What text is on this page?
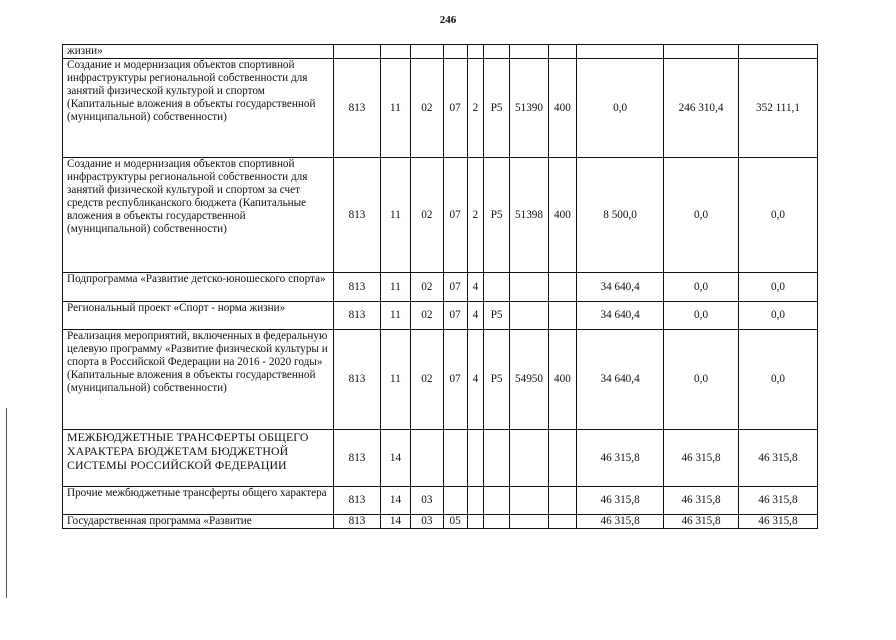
246
жизни»											
Создание и модернизация объектов спортивной инфраструктуры региональной собственности для занятий физической культурой и спортом (Капитальные вложения в объекты государственной (муниципальной) собственности)	813	11	02	07	2	P5	51390	400	0,0	246 310,4	352 111,1
Создание и модернизация объектов спортивной инфраструктуры региональной собственности для занятий физической культурой и спортом за счет средств республиканского бюджета (Капитальные вложения в объекты государственной (муниципальной) собственности)	813	11	02	07	2	P5	51398	400	8 500,0	0,0	0,0
Подпрограмма «Развитие детско-юношеского спорта»	813	11	02	07	4				34 640,4	0,0	0,0
Региональный проект «Спорт - норма жизни»	813	11	02	07	4	P5			34 640,4	0,0	0,0
Реализация мероприятий, включенных в федеральную целевую программу «Развитие физической культуры и спорта в Российской Федерации на 2016 - 2020 годы» (Капитальные вложения в объекты государственной (муниципальной) собственности)	813	11	02	07	4	P5	54950	400	34 640,4	0,0	0,0
МЕЖБЮДЖЕТНЫЕ ТРАНСФЕРТЫ ОБЩЕГО ХАРАКТЕРА БЮДЖЕТАМ БЮДЖЕТНОЙ СИСТЕМЫ РОССИЙСКОЙ ФЕДЕРАЦИИ	813	14							46 315,8	46 315,8	46 315,8
Прочие межбюджетные трансферты общего характера	813	14	03						46 315,8	46 315,8	46 315,8
Государственная программа «Развитие	813	14	03	05					46 315,8	46 315,8	46 315,8
